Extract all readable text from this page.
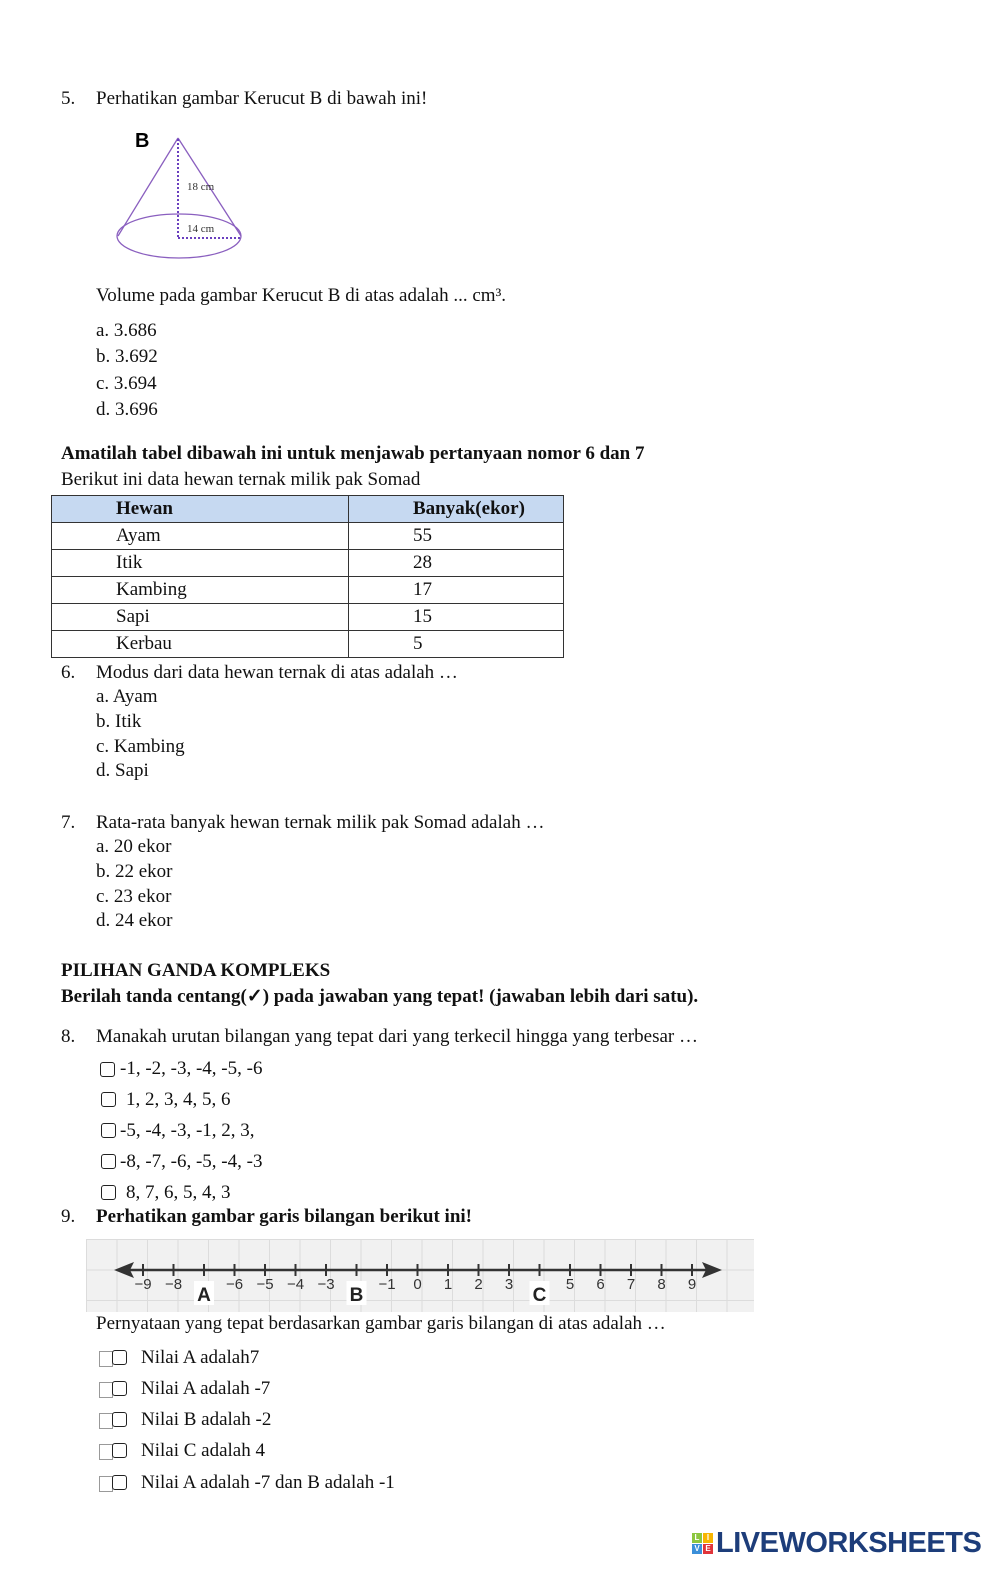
5. Perhatikan gambar Kerucut B di bawah ini!
B
18 cm
14 cm
Volume pada gambar Kerucut B di atas adalah ... cm³.
a. 3.686
b. 3.692
c. 3.694
d. 3.696
Amatilah tabel dibawah ini untuk menjawab pertanyaan nomor 6 dan 7
Berikut ini data hewan ternak milik pak Somad
Hewan	Banyak(ekor)
Ayam	55
Itik	28
Kambing	17
Sapi	15
Kerbau	5
6. Modus dari data hewan ternak di atas adalah …
a. Ayam
b. Itik
c. Kambing
d. Sapi
7. Rata-rata banyak hewan ternak milik pak Somad adalah …
a. 20 ekor
b. 22 ekor
c. 23 ekor
d. 24 ekor
PILIHAN GANDA KOMPLEKS
Berilah tanda centang(✓) pada jawaban yang tepat! (jawaban lebih dari satu).
8. Manakah urutan bilangan yang tepat dari yang terkecil hingga yang terbesar …
-1, -2, -3, -4, -5, -6
1, 2, 3, 4, 5, 6
-5, -4, -3, -1, 2, 3,
-8, -7, -6, -5, -4, -3
8, 7, 6, 5, 4, 3
9. Perhatikan gambar garis bilangan berikut ini!
−9 −8
A
−6 −5 −4 −3
B
−1 0 1 2 3
C
5 6 7 8 9
Pernyataan yang tepat berdasarkan gambar garis bilangan di atas adalah …
Nilai A adalah7
Nilai A adalah -7
Nilai B adalah -2
Nilai C adalah 4
Nilai A adalah -7 dan B adalah -1
L I
V E LIVEWORKSHEETS
